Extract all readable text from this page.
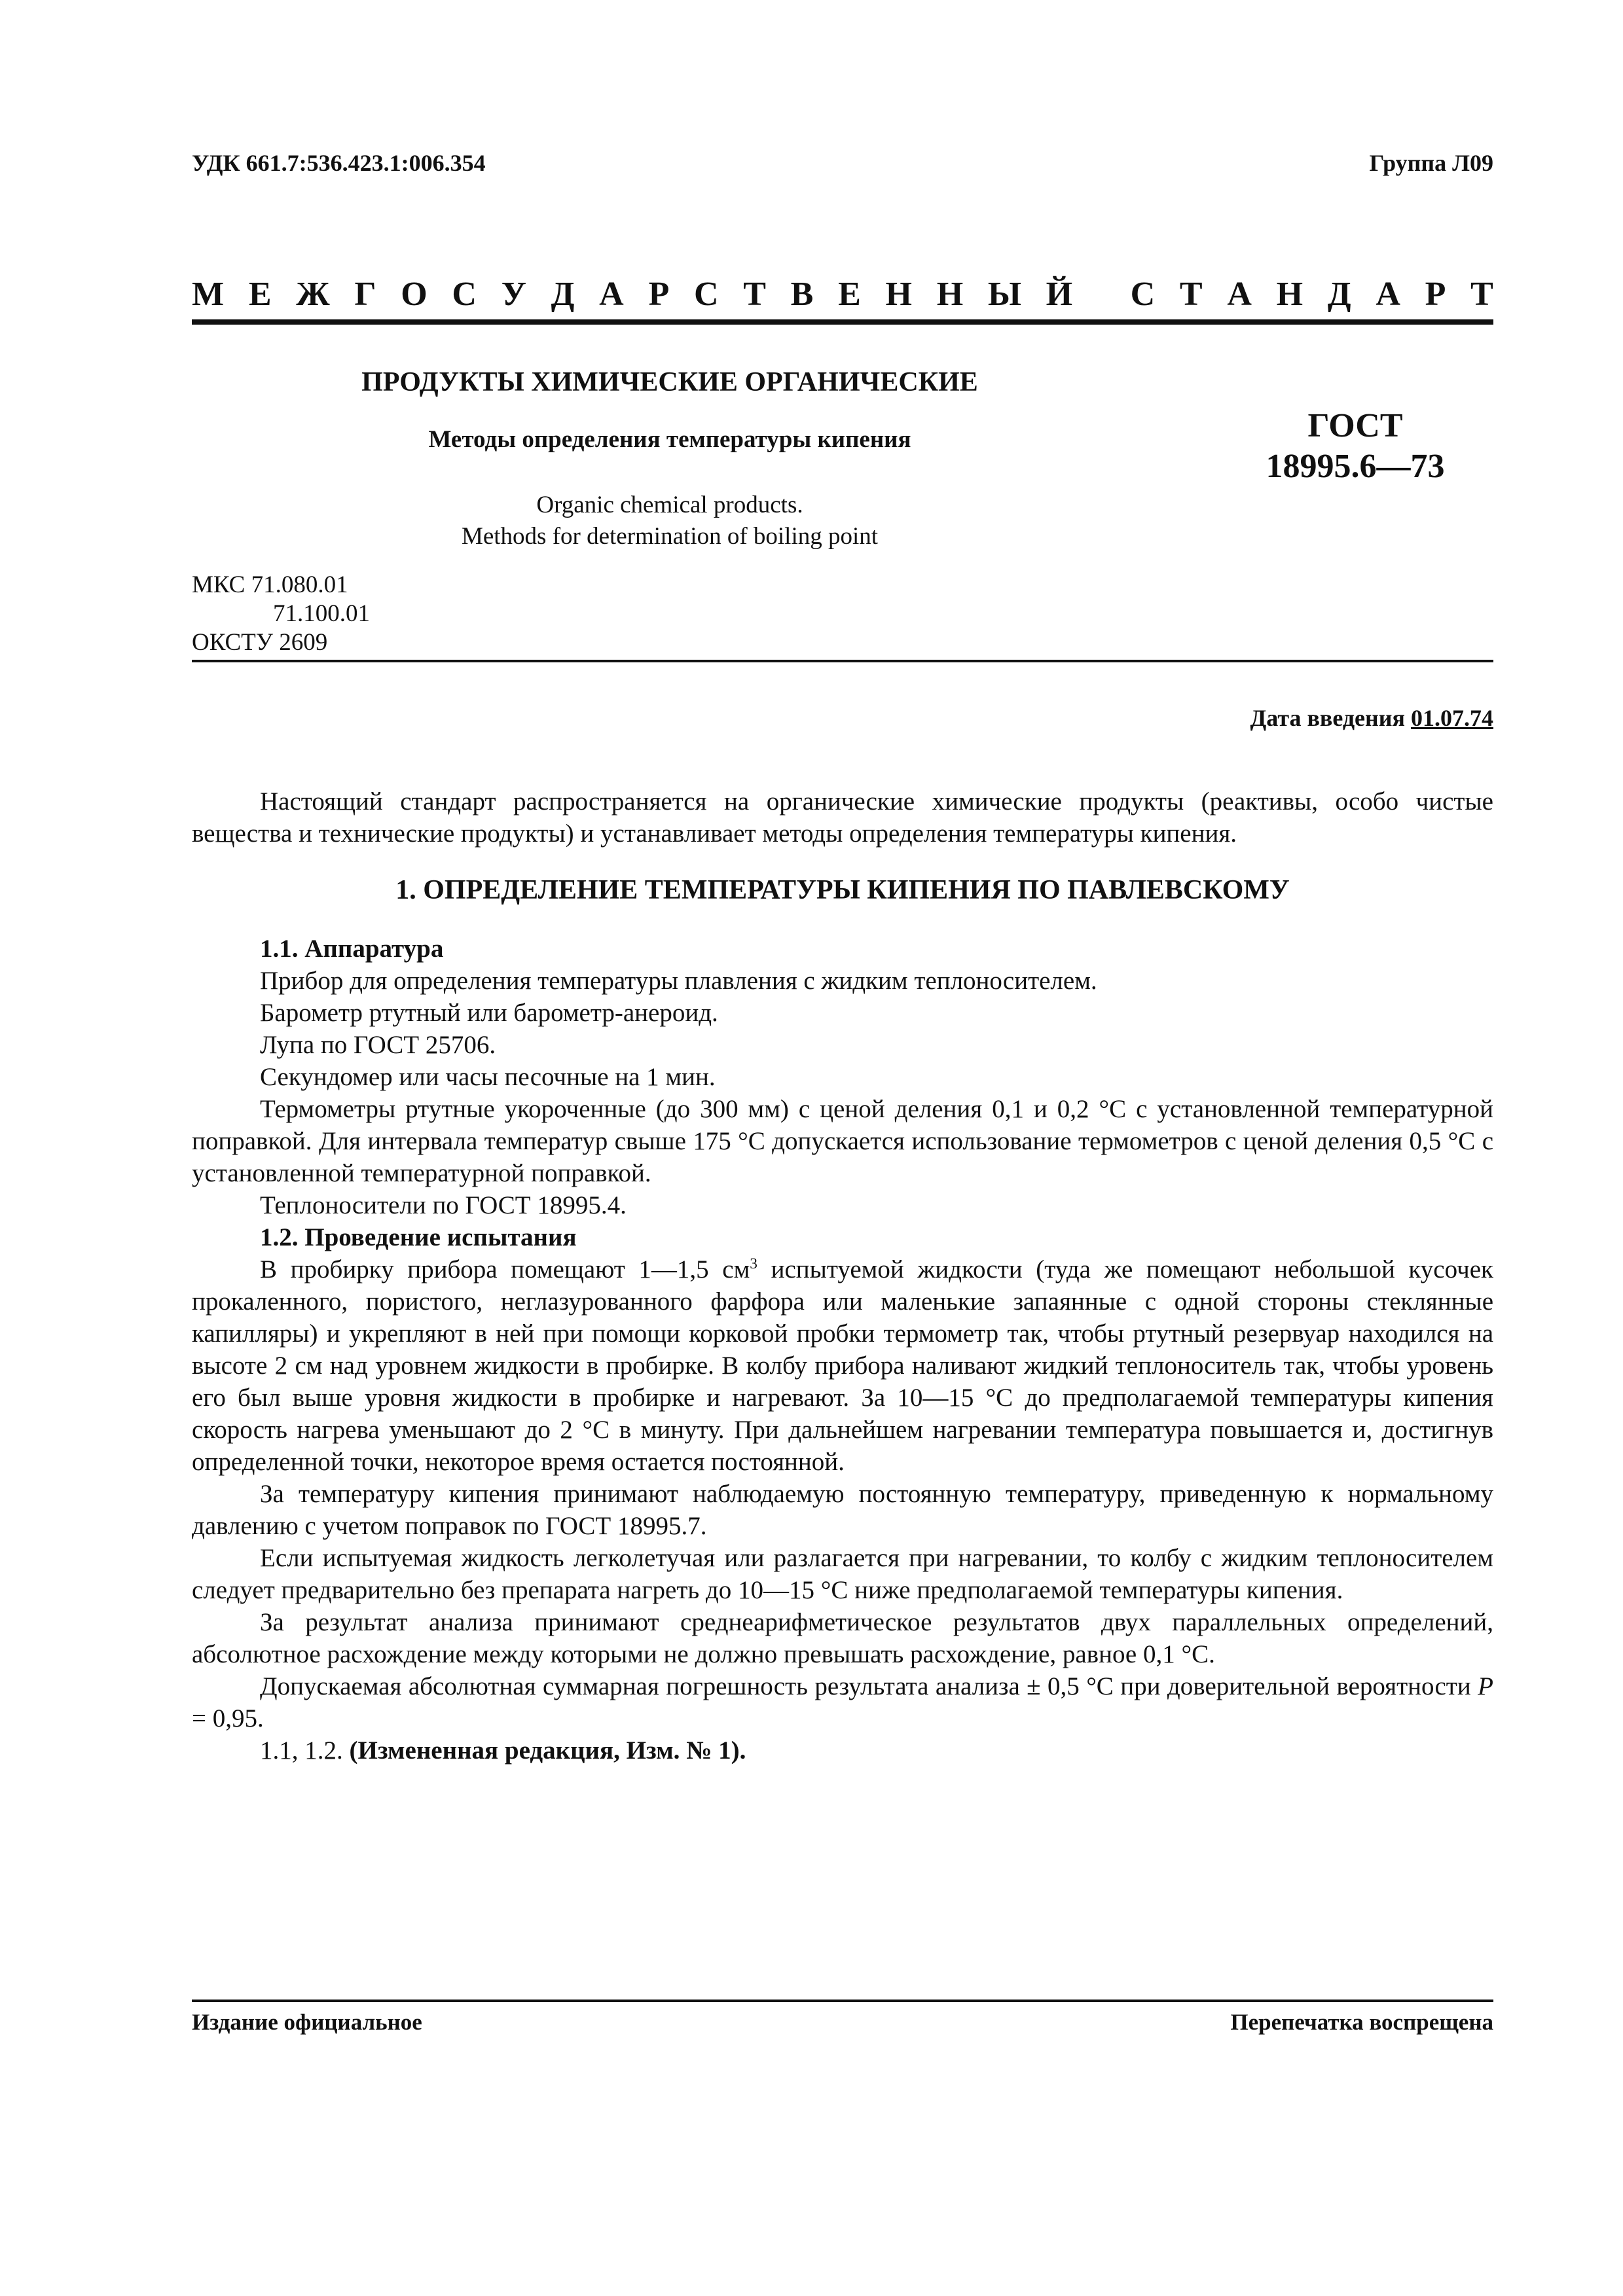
УДК 661.7:536.423.1:006.354	Группа Л09
М Е Ж Г О С У Д А Р С Т В Е Н Н Ы Й
С Т А Н Д А Р Т
ПРОДУКТЫ ХИМИЧЕСКИЕ ОРГАНИЧЕСКИЕ
Методы определения температуры кипения	ГОСТ
18995.6—73
Organic chemical products.
Methods for determination of boiling point
МКС 71.080.01
71.100.01
ОКСТУ 2609
Дата введения 01.07.74

Настоящий стандарт распространяется на органические химические продукты (реактивы, особо чистые вещества и технические продукты) и устанавливает методы определения температуры кипения.

1. ОПРЕДЕЛЕНИЕ ТЕМПЕРАТУРЫ КИПЕНИЯ ПО ПАВЛЕВСКОМУ

1.1. Аппаратура

Прибор для определения температуры плавления с жидким теплоносителем.

Барометр ртутный или барометр-анероид.

Лупа по ГОСТ 25706.

Секундомер или часы песочные на 1 мин.

Термометры ртутные укороченные (до 300 мм) с ценой деления 0,1 и 0,2 °С с установленной температурной поправкой. Для интервала температур свыше 175 °С допускается использование термометров с ценой деления 0,5 °С с установленной температурной поправкой.

Теплоносители по ГОСТ 18995.4.

1.2. Проведение испытания

В пробирку прибора помещают 1—1,5 $см^3$ испытуемой жидкости (туда же помещают небольшой кусочек прокаленного, пористого, неглазурованного фарфора или маленькие запаянные с одной стороны стеклянные капилляры) и укрепляют в ней при помощи корковой пробки термометр так, чтобы ртутный резервуар находился на высоте 2 см над уровнем жидкости в пробирке. В колбу прибора наливают жидкий теплоноситель так, чтобы уровень его был выше уровня жидкости в пробирке и нагревают. За 10—15 °С до предполагаемой температуры кипения скорость нагрева уменьшают до 2 °С в минуту. При дальнейшем нагревании температура повышается и, достигнув определенной точки, некоторое время остается постоянной.

За температуру кипения принимают наблюдаемую постоянную температуру, приведенную к нормальному давлению с учетом поправок по ГОСТ 18995.7.

Если испытуемая жидкость легколетучая или разлагается при нагревании, то колбу с жидким теплоносителем следует предварительно без препарата нагреть до 10—15 °С ниже предполагаемой температуры кипения.

За результат анализа принимают среднеарифметическое результатов двух параллельных определений, абсолютное расхождение между которыми не должно превышать расхождение, равное 0,1 °С.

Допускаемая абсолютная суммарная погрешность результата анализа ± 0,5 °С при доверительной вероятности P = 0,95.

1.1, 1.2. (Измененная редакция, Изм. № 1).

Издание официальное	Перепечатка воспрещена
